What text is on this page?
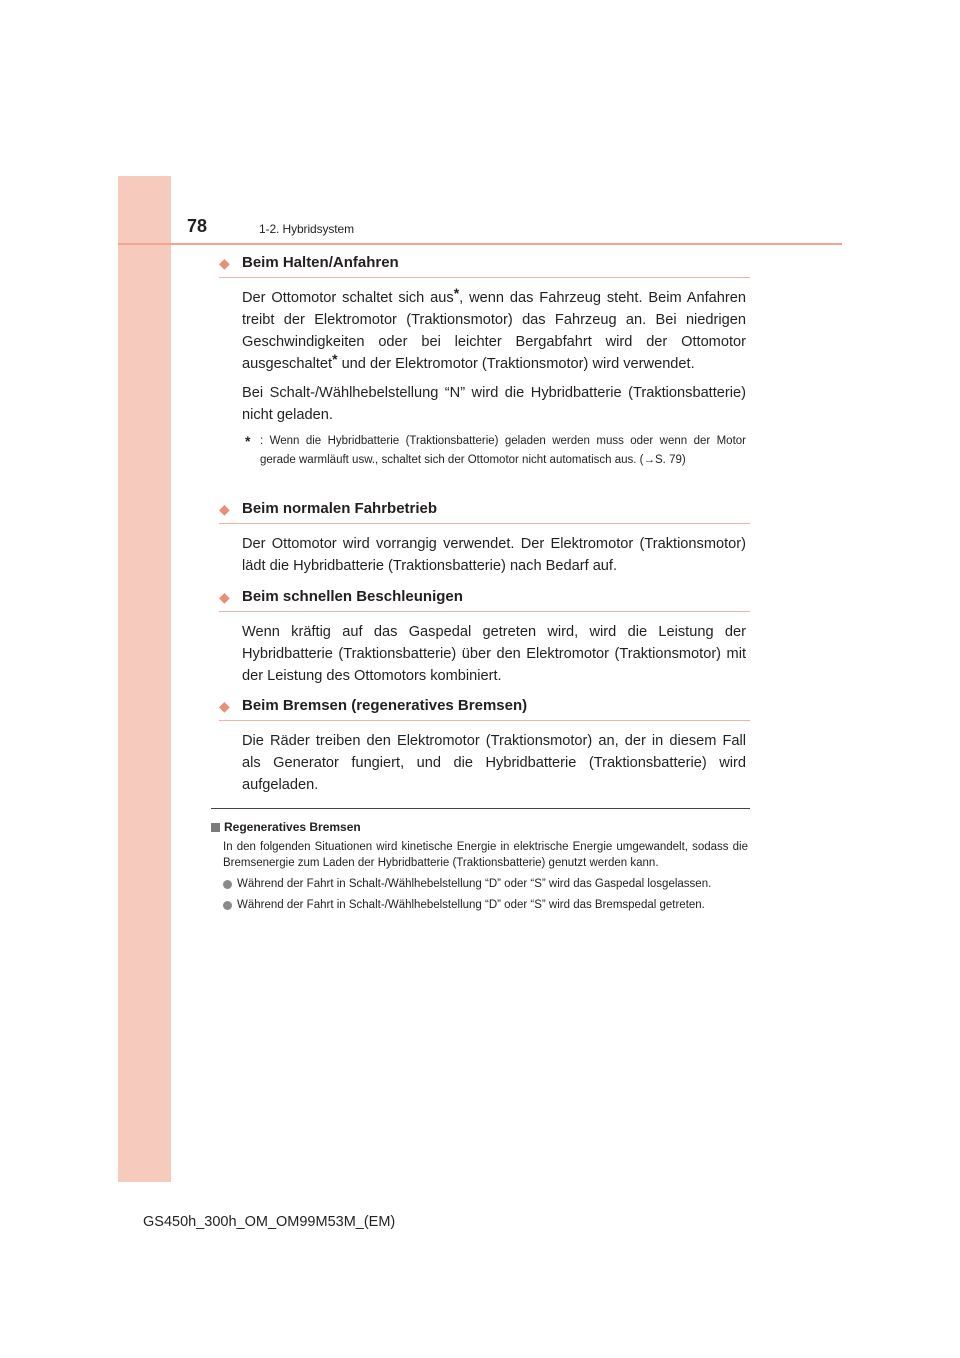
78	1-2. Hybridsystem
◆ Beim Halten/Anfahren

Der Ottomotor schaltet sich aus*, wenn das Fahrzeug steht. Beim Anfahren treibt der Elektromotor (Traktionsmotor) das Fahrzeug an. Bei niedrigen Geschwindigkeiten oder bei leichter Bergabfahrt wird der Ottomotor ausgeschaltet* und der Elektromotor (Traktionsmotor) wird verwendet.

Bei Schalt-/Wählhebelstellung “N” wird die Hybridbatterie (Traktionsbatterie) nicht geladen.

* : Wenn die Hybridbatterie (Traktionsbatterie) geladen werden muss oder wenn der Motor gerade warmläuft usw., schaltet sich der Ottomotor nicht automatisch aus. (→S. 79)
◆ Beim normalen Fahrbetrieb

Der Ottomotor wird vorrangig verwendet. Der Elektromotor (Traktionsmotor) lädt die Hybridbatterie (Traktionsbatterie) nach Bedarf auf.

◆ Beim schnellen Beschleunigen

Wenn kräftig auf das Gaspedal getreten wird, wird die Leistung der Hybridbatterie (Traktionsbatterie) über den Elektromotor (Traktionsmotor) mit der Leistung des Ottomotors kombiniert.

◆ Beim Bremsen (regeneratives Bremsen)

Die Räder treiben den Elektromotor (Traktionsmotor) an, der in diesem Fall als Generator fungiert, und die Hybridbatterie (Traktionsbatterie) wird aufgeladen.

Regeneratives Bremsen
In den folgenden Situationen wird kinetische Energie in elektrische Energie umgewandelt, sodass die Bremsenergie zum Laden der Hybridbatterie (Traktionsbatterie) genutzt werden kann.
Während der Fahrt in Schalt-/Wählhebelstellung “D” oder “S” wird das Gaspedal losgelassen.
Während der Fahrt in Schalt-/Wählhebelstellung “D” oder “S” wird das Bremspedal getreten.
GS450h_300h_OM_OM99M53M_(EM)
